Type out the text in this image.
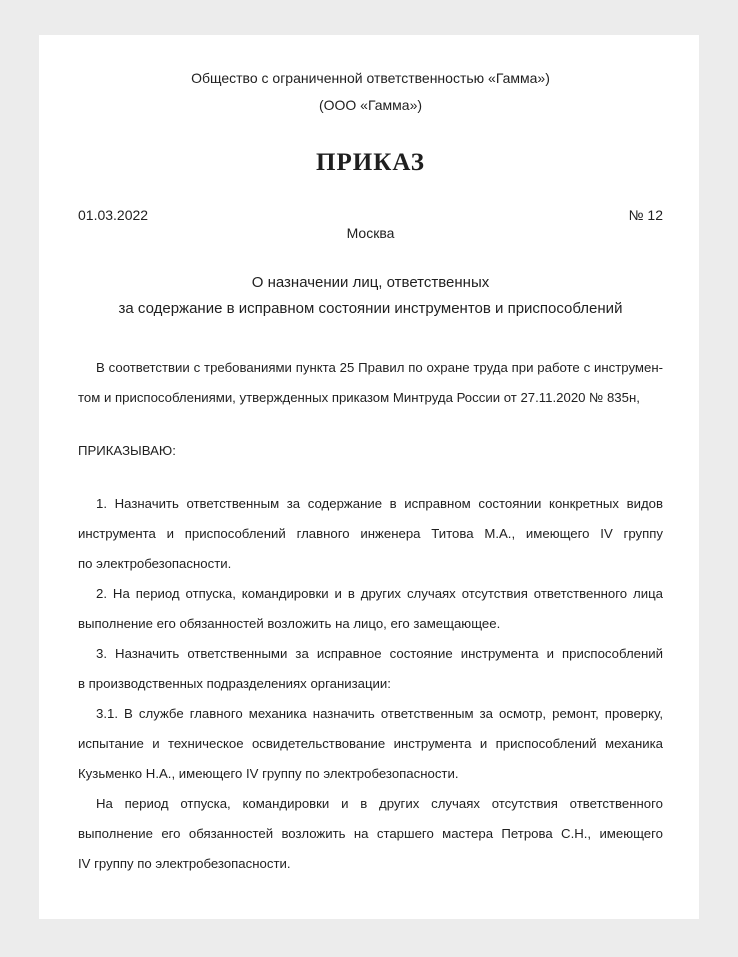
Общество с ограниченной ответственностью «Гамма»)
(ООО «Гамма»)
ПРИКАЗ
01.03.2022	№ 12
Москва
О назначении лиц, ответственных
за содержание в исправном состоянии инструментов и приспособлений
В соответствии с требованиями пункта 25 Правил по охране труда при работе с инструмен-
том и приспособлениями, утвержденных приказом Минтруда России от 27.11.2020 № 835н,
ПРИКАЗЫВАЮ:
1. Назначить ответственным за содержание в исправном состоянии конкретных видов
инструмента и приспособлений главного инженера Титова М.А., имеющего IV группу
по электробезопасности.
2. На период отпуска, командировки и в других случаях отсутствия ответственного лица
выполнение его обязанностей возложить на лицо, его замещающее.
3. Назначить ответственными за исправное состояние инструмента и приспособлений
в производственных подразделениях организации:
3.1. В службе главного механика назначить ответственным за осмотр, ремонт, проверку,
испытание и техническое освидетельствование инструмента и приспособлений механика
Кузьменко Н.А., имеющего IV группу по электробезопасности.
На период отпуска, командировки и в других случаях отсутствия ответственного
выполнение его обязанностей возложить на старшего мастера Петрова С.Н., имеющего
IV группу по электробезопасности.
